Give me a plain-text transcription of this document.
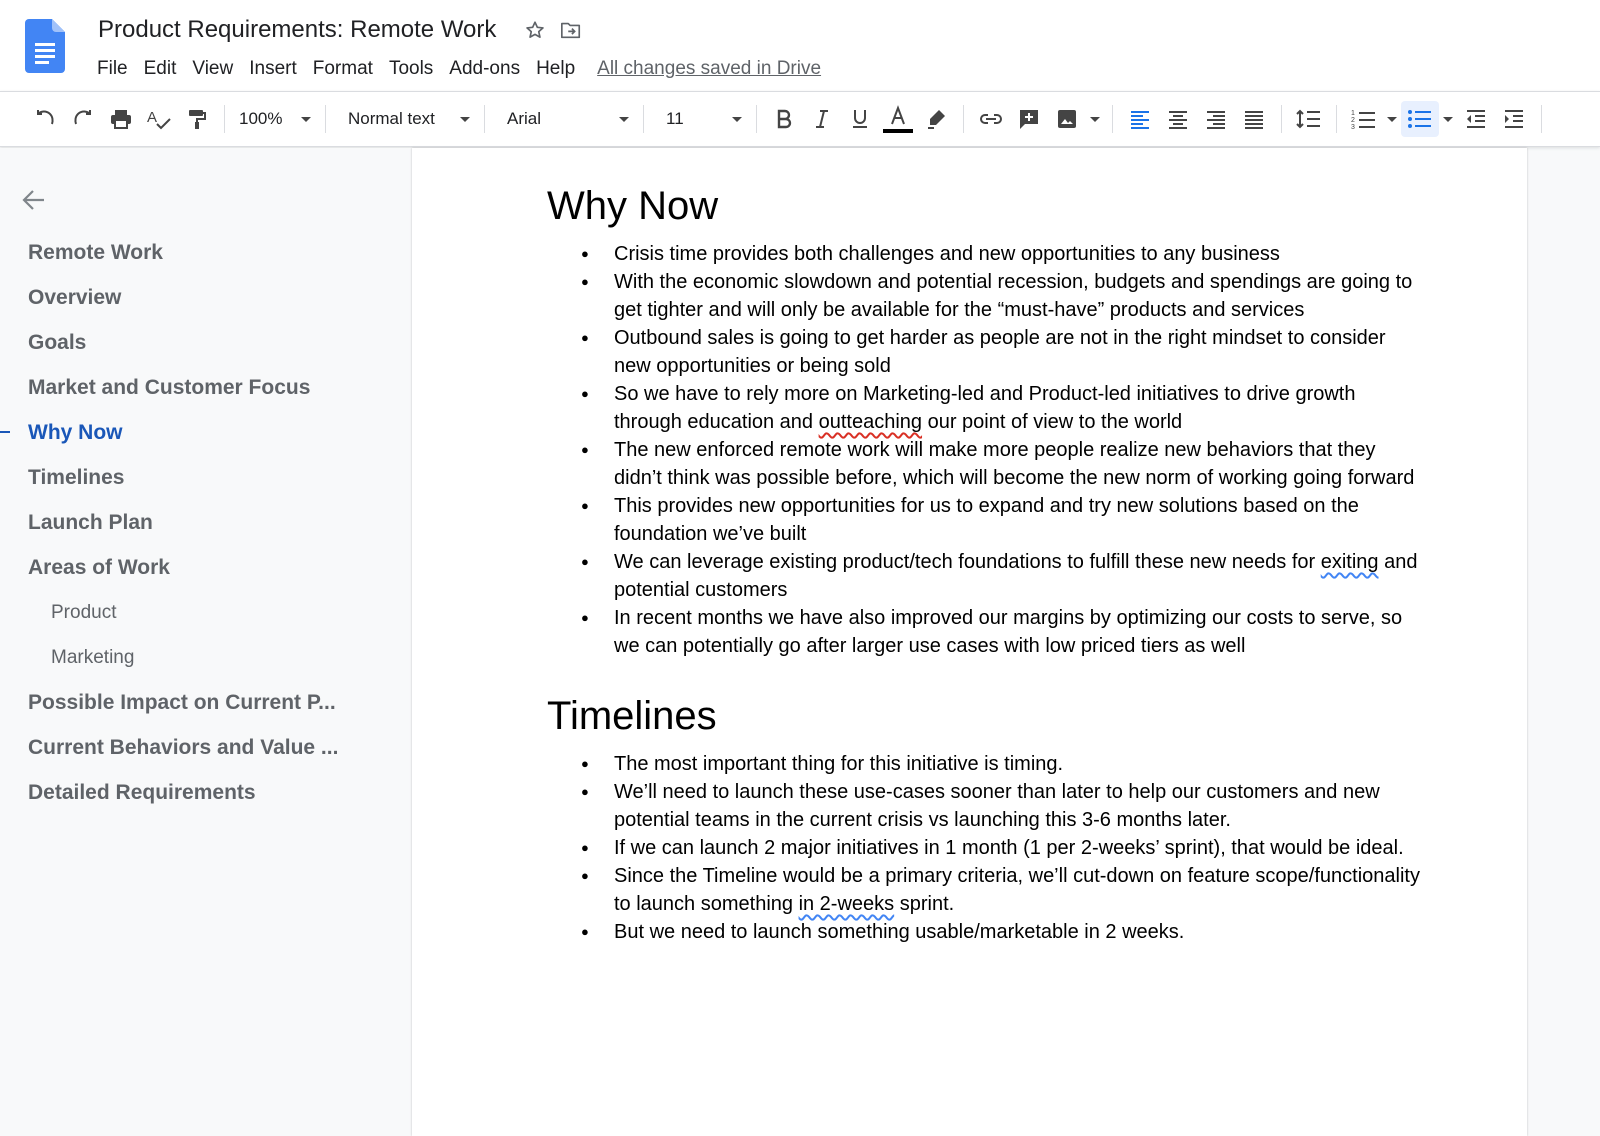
Product Requirements: Remote Work
File Edit View Insert Format Tools Add-ons Help	All changes saved in Drive
A	100%	Normal text	Arial	11	1
2
3
Remote Work
Overview
Goals
Market and Customer Focus
Why Now
Timelines
Launch Plan
Areas of Work
Product
Marketing
Possible Impact on Current P...
Current Behaviors and Value ...
Detailed Requirements
Why Now
● Crisis time provides both challenges and new opportunities to any business
● With the economic slowdown and potential recession, budgets and spendings are going to get tighter and will only be available for the “must-have” products and services
● Outbound sales is going to get harder as people are not in the right mindset to consider new opportunities or being sold
● So we have to rely more on Marketing-led and Product-led initiatives to drive growth through education and outteaching our point of view to the world
● The new enforced remote work will make more people realize new behaviors that they didn’t think was possible before, which will become the new norm of working going forward
● This provides new opportunities for us to expand and try new solutions based on the foundation we’ve built
● We can leverage existing product/tech foundations to fulfill these new needs for exiting and potential customers
● In recent months we have also improved our margins by optimizing our costs to serve, so we can potentially go after larger use cases with low priced tiers as well
Timelines
● The most important thing for this initiative is timing.
● We’ll need to launch these use-cases sooner than later to help our customers and new potential teams in the current crisis vs launching this 3-6 months later.
● If we can launch 2 major initiatives in 1 month (1 per 2-weeks’ sprint), that would be ideal.
● Since the Timeline would be a primary criteria, we’ll cut-down on feature scope/functionality to launch something in 2-weeks sprint.
● But we need to launch something usable/marketable in 2 weeks.
